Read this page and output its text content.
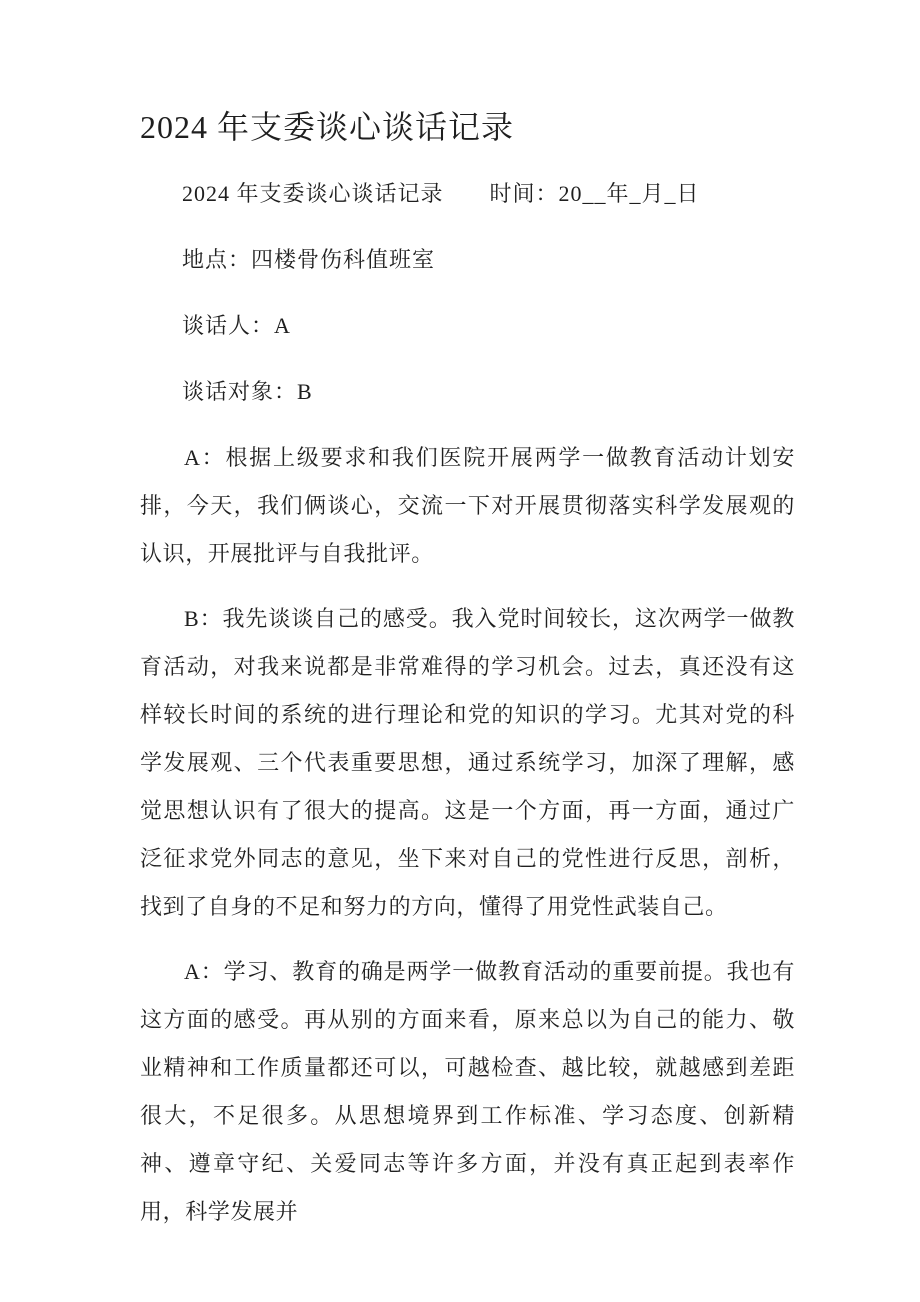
2024 年支委谈心谈话记录

2024 年支委谈心谈话记录　　时间：20__年_月_日

地点：四楼骨伤科值班室

谈话人：A

谈话对象：B

A：根据上级要求和我们医院开展两学一做教育活动计划安排，今天，我们俩谈心，交流一下对开展贯彻落实科学发展观的认识，开展批评与自我批评。

B：我先谈谈自己的感受。我入党时间较长，这次两学一做教育活动，对我来说都是非常难得的学习机会。过去，真还没有这样较长时间的系统的进行理论和党的知识的学习。尤其对党的科学发展观、三个代表重要思想，通过系统学习，加深了理解，感觉思想认识有了很大的提高。这是一个方面，再一方面，通过广泛征求党外同志的意见，坐下来对自己的党性进行反思，剖析，找到了自身的不足和努力的方向，懂得了用党性武装自己。

A：学习、教育的确是两学一做教育活动的重要前提。我也有这方面的感受。再从别的方面来看，原来总以为自己的能力、敬业精神和工作质量都还可以，可越检查、越比较，就越感到差距很大，不足很多。从思想境界到工作标准、学习态度、创新精神、遵章守纪、关爱同志等许多方面，并没有真正起到表率作用，科学发展并
